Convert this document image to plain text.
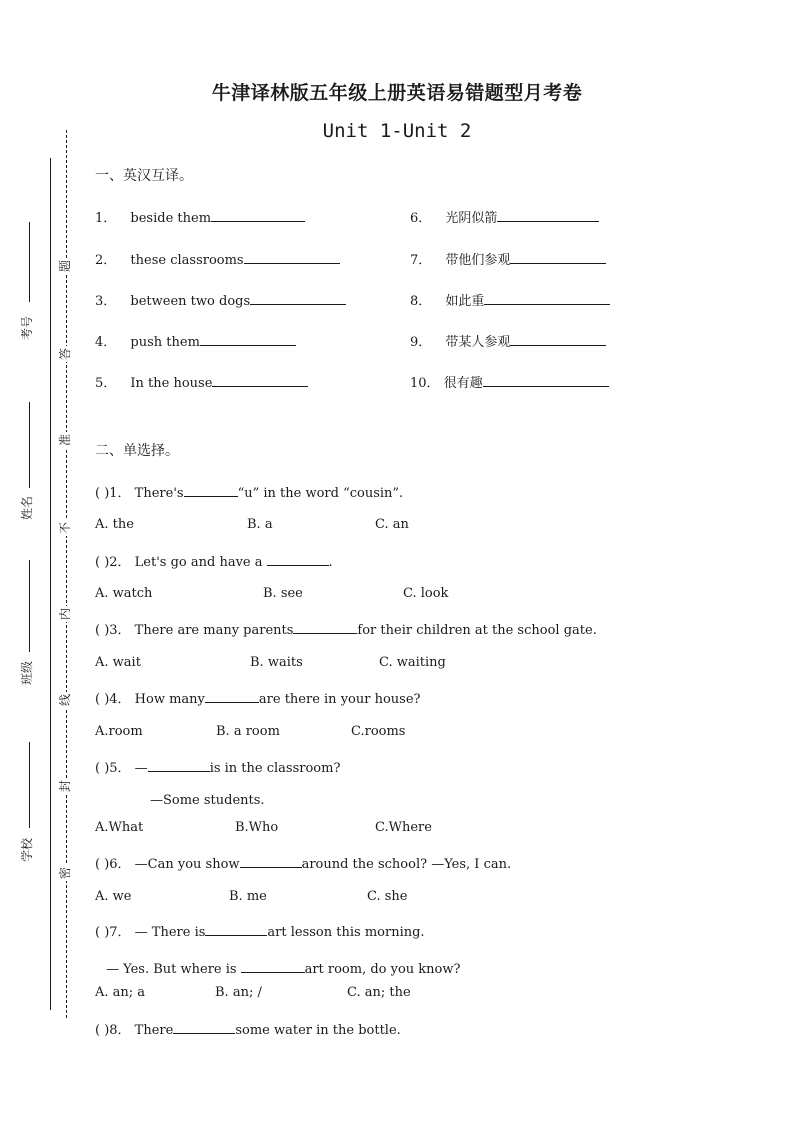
牛津译林版五年级上册英语易错题型月考卷
Unit 1-Unit 2
考号
姓名
班级
学校
题
答
准
不
内
线
封
密
一、英汉互译。
1． beside them
2． these classrooms
3． between two dogs
4． push them
5． In the house
6． 光阴似箭
7． 带他们参观
8． 如此重
9． 带某人参观
10． 很有趣
二、单选择。
( )1． There's	“u” in the word “cousin”.
A. the	B. a	C. an
( )2． Let's go and have a	.
A. watch	B. see	C. look
( )3． There are many parents	for their children at the school gate.
A. wait	B. waits	C. waiting
( )4． How many	are there in your house?
A.room	B. a room	C.rooms
( )5． —	is in the classroom?
—Some students.
A.What	B.Who	C.Where
( )6． —Can you show	around the school? —Yes, I can.
A. we	B. me	C. she
( )7． — There is	art lesson this morning.
— Yes. But where is	art room, do you know?
A. an; a	B. an; /	C. an; the
( )8． There	some water in the bottle.
